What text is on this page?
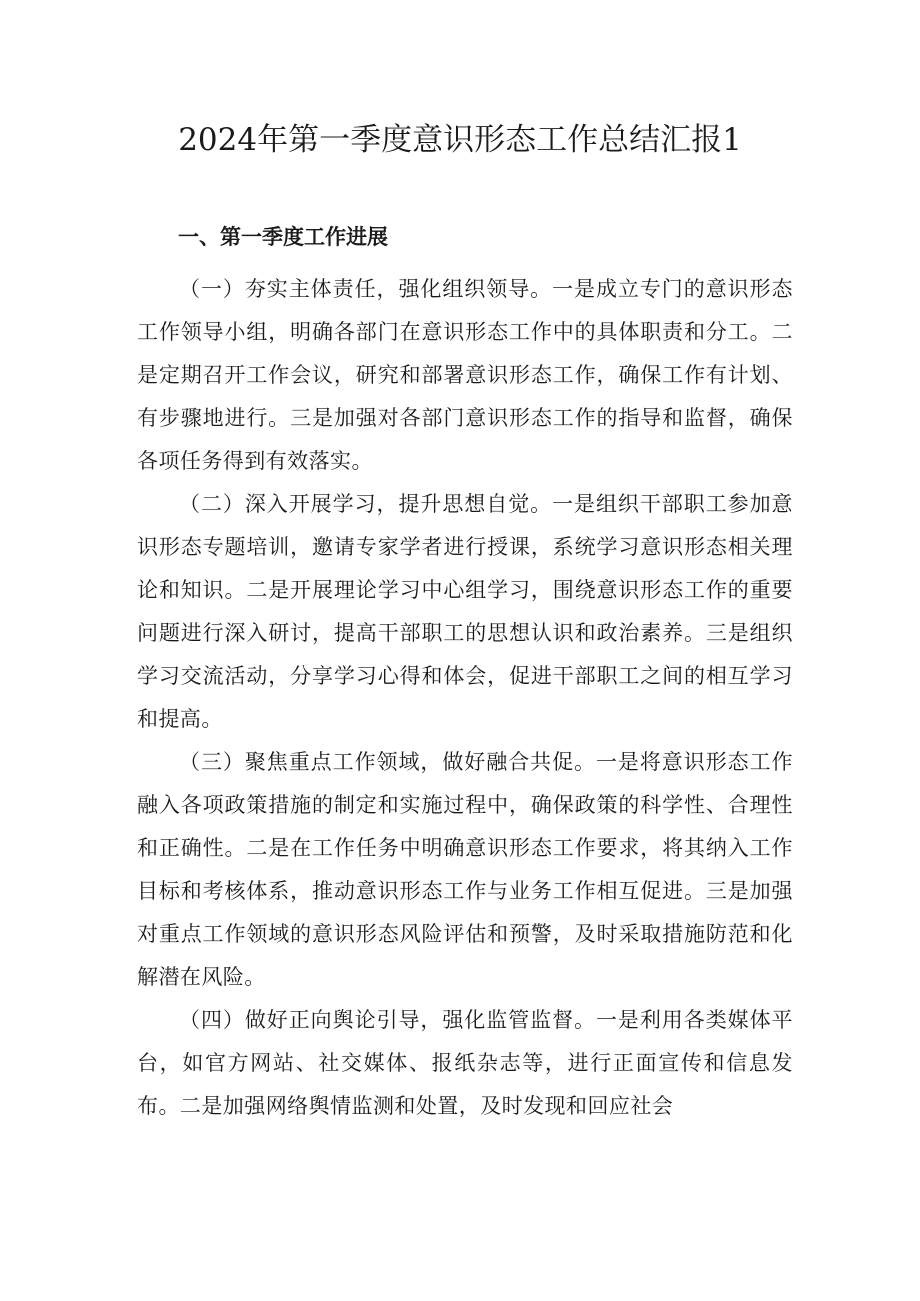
2024年第一季度意识形态工作总结汇报1
一、第一季度工作进展

（一）夯实主体责任，强化组织领导。一是成立专门的意识形态工作领导小组，明确各部门在意识形态工作中的具体职责和分工。二是定期召开工作会议，研究和部署意识形态工作，确保工作有计划、有步骤地进行。三是加强对各部门意识形态工作的指导和监督，确保各项任务得到有效落实。

（二）深入开展学习，提升思想自觉。一是组织干部职工参加意识形态专题培训，邀请专家学者进行授课，系统学习意识形态相关理论和知识。二是开展理论学习中心组学习，围绕意识形态工作的重要问题进行深入研讨，提高干部职工的思想认识和政治素养。三是组织学习交流活动，分享学习心得和体会，促进干部职工之间的相互学习和提高。

（三）聚焦重点工作领域，做好融合共促。一是将意识形态工作融入各项政策措施的制定和实施过程中，确保政策的科学性、合理性和正确性。二是在工作任务中明确意识形态工作要求，将其纳入工作目标和考核体系，推动意识形态工作与业务工作相互促进。三是加强对重点工作领域的意识形态风险评估和预警，及时采取措施防范和化解潜在风险。

（四）做好正向舆论引导，强化监管监督。一是利用各类媒体平台，如官方网站、社交媒体、报纸杂志等，进行正面宣传和信息发布。二是加强网络舆情监测和处置，及时发现和回应社会
